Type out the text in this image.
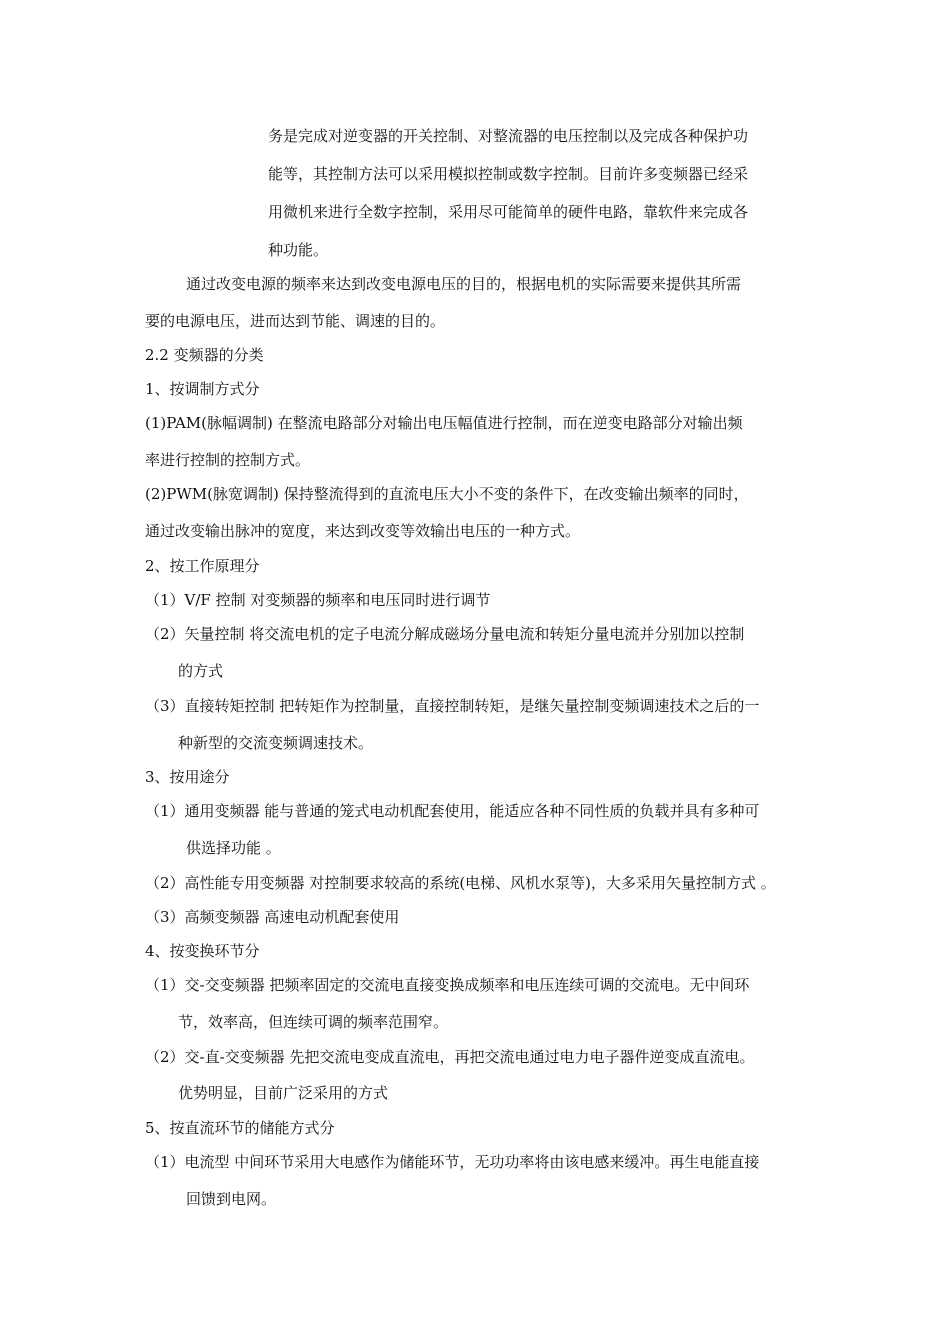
务是完成对逆变器的开关控制、对整流器的电压控制以及完成各种保护功
能等，其控制方法可以采用模拟控制或数字控制。目前许多变频器已经采
用微机来进行全数字控制，采用尽可能简单的硬件电路，靠软件来完成各
种功能。
通过改变电源的频率来达到改变电源电压的目的，根据电机的实际需要来提供其所需
要的电源电压，进而达到节能、调速的目的。
2.2 变频器的分类
1、按调制方式分
(1)PAM(脉幅调制) 在整流电路部分对输出电压幅值进行控制，而在逆变电路部分对输出频
率进行控制的控制方式。
(2)PWM(脉宽调制) 保持整流得到的直流电压大小不变的条件下，在改变输出频率的同时，
通过改变输出脉冲的宽度，来达到改变等效输出电压的一种方式。
2、按工作原理分
（1）V/F 控制 对变频器的频率和电压同时进行调节
（2）矢量控制 将交流电机的定子电流分解成磁场分量电流和转矩分量电流并分别加以控制
的方式
（3）直接转矩控制 把转矩作为控制量，直接控制转矩，是继矢量控制变频调速技术之后的一
种新型的交流变频调速技术。
3、按用途分
（1）通用变频器 能与普通的笼式电动机配套使用，能适应各种不同性质的负载并具有多种可
供选择功能 。
（2）高性能专用变频器 对控制要求较高的系统(电梯、风机水泵等)，大多采用矢量控制方式 。
（3）高频变频器 高速电动机配套使用
4、按变换环节分
（1）交-交变频器 把频率固定的交流电直接变换成频率和电压连续可调的交流电。无中间环
节，效率高，但连续可调的频率范围窄。
（2）交-直-交变频器 先把交流电变成直流电，再把交流电通过电力电子器件逆变成直流电。
优势明显，目前广泛采用的方式
5、按直流环节的储能方式分
（1）电流型 中间环节采用大电感作为储能环节，无功功率将由该电感来缓冲。再生电能直接
回馈到电网。
